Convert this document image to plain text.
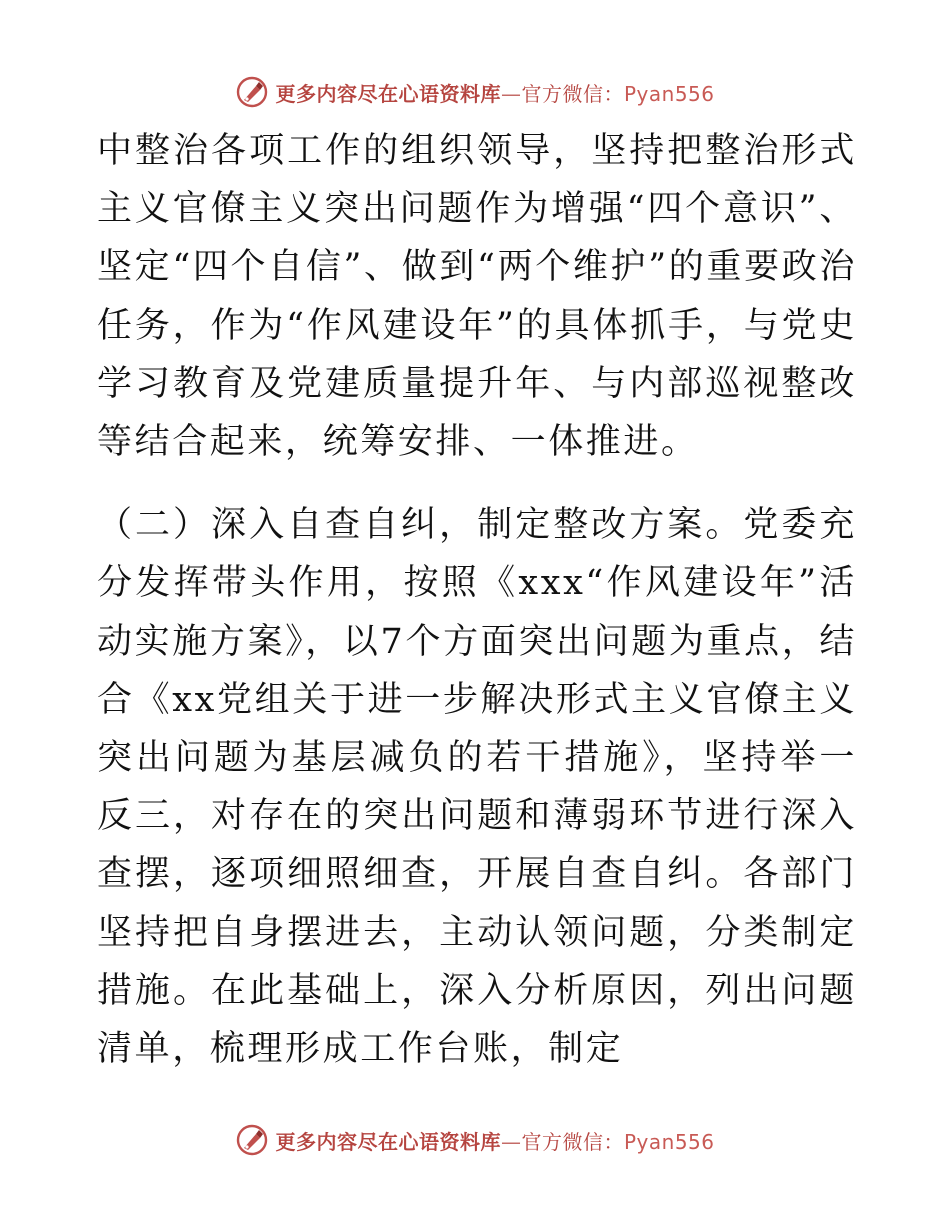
更多内容尽在心语资料库—官方微信：Pyan556

中整治各项工作的组织领导，坚持把整治形式主义官僚主义突出问题作为增强“四个意识”、坚定“四个自信”、做到“两个维护”的重要政治任务，作为“作风建设年”的具体抓手，与党史学习教育及党建质量提升年、与内部巡视整改等结合起来，统筹安排、一体推进。

（二）深入自查自纠，制定整改方案。党委充分发挥带头作用，按照《xxx“作风建设年”活动实施方案》，以7个方面突出问题为重点，结合《xx党组关于进一步解决形式主义官僚主义突出问题为基层减负的若干措施》，坚持举一反三，对存在的突出问题和薄弱环节进行深入查摆，逐项细照细查，开展自查自纠。各部门坚持把自身摆进去，主动认领问题，分类制定措施。在此基础上，深入分析原因，列出问题清单，梳理形成工作台账，制定

更多内容尽在心语资料库—官方微信：Pyan556
